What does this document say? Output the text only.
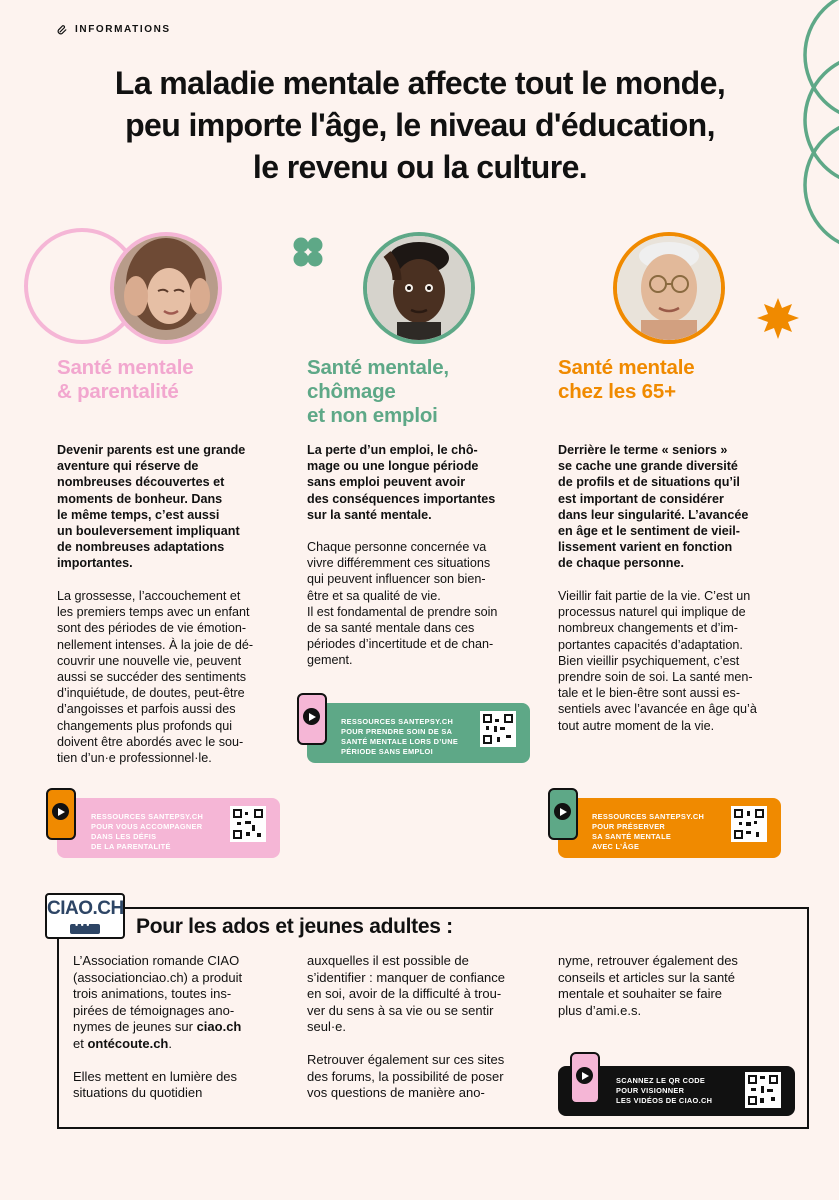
INFORMATIONS
La maladie mentale affecte tout le monde,
peu importe l'âge, le niveau d'éducation,
le revenu ou la culture.
Santé mentale
& parentalité
Devenir parents est une grande
aventure qui réserve de
nombreuses découvertes et
moments de bonheur. Dans
le même temps, c’est aussi
un bouleversement impliquant
de nombreuses adaptations
importantes.
La grossesse, l’accouchement et
les premiers temps avec un enfant
sont des périodes de vie émotion-
nellement intenses. À la joie de dé-
couvrir une nouvelle vie, peuvent
aussi se succéder des sentiments
d’inquiétude, de doutes, peut-être
d’angoisses et parfois aussi des
changements plus profonds qui
doivent être abordés avec le sou-
tien d’un·e professionnel·le.
RESSOURCES SANTEPSY.CH
POUR VOUS ACCOMPAGNER
DANS LES DÉFIS
DE LA PARENTALITÉ
Santé mentale,
chômage
et non emploi
La perte d’un emploi, le chô-
mage ou une longue période
sans emploi peuvent avoir
des conséquences importantes
sur la santé mentale.
Chaque personne concernée va
vivre différemment ces situations
qui peuvent influencer son bien-
être et sa qualité de vie.
Il est fondamental de prendre soin
de sa santé mentale dans ces
périodes d’incertitude et de chan-
gement.
RESSOURCES SANTEPSY.CH
POUR PRENDRE SOIN DE SA
SANTÉ MENTALE LORS D’UNE
PÉRIODE SANS EMPLOI
Santé mentale
chez les 65+
Derrière le terme « seniors »
se cache une grande diversité
de profils et de situations qu’il
est important de considérer
dans leur singularité. L’avancée
en âge et le sentiment de vieil-
lissement varient en fonction
de chaque personne.
Vieillir fait partie de la vie. C’est un
processus naturel qui implique de
nombreux changements et d’im-
portantes capacités d’adaptation.
Bien vieillir psychiquement, c’est
prendre soin de soi. La santé men-
tale et le bien-être sont aussi es-
sentiels avec l’avancée en âge qu’à
tout autre moment de la vie.
RESSOURCES SANTEPSY.CH
POUR PRÉSERVER
SA SANTÉ MENTALE
AVEC L’ÂGE
CIAO.CH
• • •
Pour les ados et jeunes adultes :
L’Association romande CIAO
(associationciao.ch) a produit
trois animations, toutes ins-
pirées de témoignages ano-
nymes de jeunes sur ciao.ch
et ontécoute.ch.

Elles mettent en lumière des
situations du quotidien
auxquelles il est possible de
s’identifier : manquer de confiance
en soi, avoir de la difficulté à trou-
ver du sens à sa vie ou se sentir
seul·e.

Retrouver également sur ces sites
des forums, la possibilité de poser
vos questions de manière ano-
nyme, retrouver également des
conseils et articles sur la santé
mentale et souhaiter se faire
plus d’ami.e.s.
SCANNEZ LE QR CODE
POUR VISIONNER
LES VIDÉOS DE CIAO.CH
